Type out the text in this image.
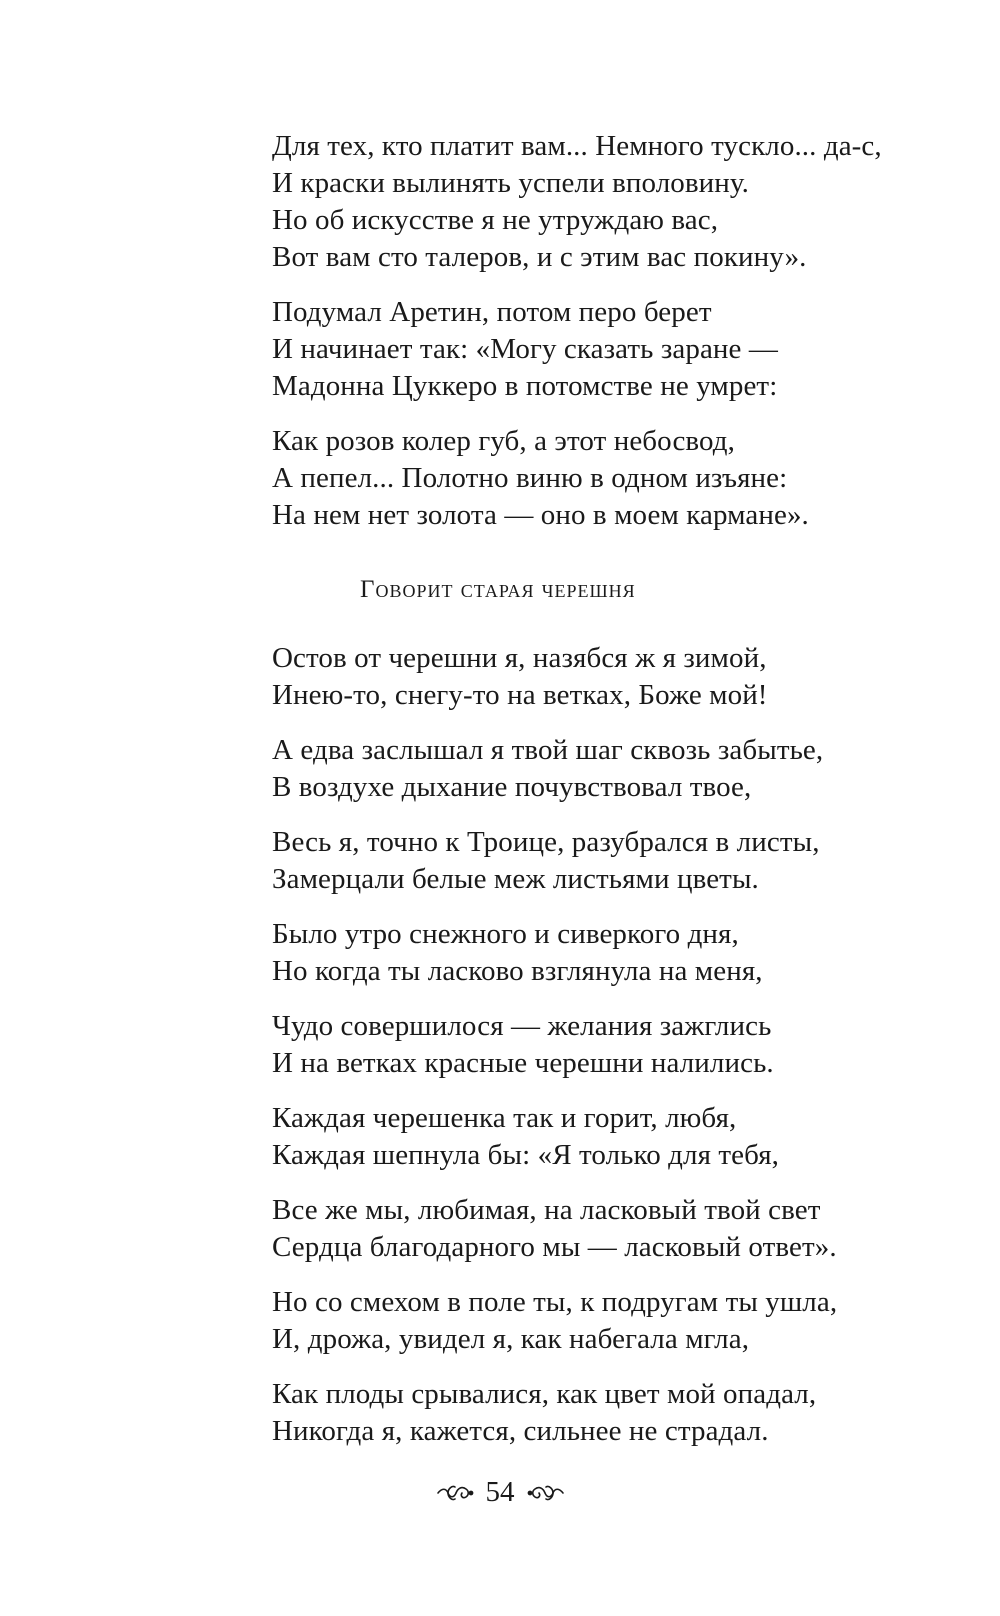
Для тех, кто платит вам... Немного тускло... да-с,
И краски вылинять успели вполовину.
Но об искусстве я не утруждаю вас,
Вот вам сто талеров, и с этим вас покину».
Подумал Аретин, потом перо берет
И начинает так: «Могу сказать заране —
Мадонна Цуккеро в потомстве не умрет:
Как розов колер губ, а этот небосвод,
А пепел... Полотно виню в одном изъяне:
На нем нет золота — оно в моем кармане».
Говорит старая черешня
Остов от черешни я, назябся ж я зимой,
Инею-то, снегу-то на ветках, Боже мой!
А едва заслышал я твой шаг сквозь забытье,
В воздухе дыхание почувствовал твое,
Весь я, точно к Троице, разубрался в листы,
Замерцали белые меж листьями цветы.
Было утро снежного и сиверкого дня,
Но когда ты ласково взглянула на меня,
Чудо совершилося — желания зажглись
И на ветках красные черешни налились.
Каждая черешенка так и горит, любя,
Каждая шепнула бы: «Я только для тебя,
Все же мы, любимая, на ласковый твой свет
Сердца благодарного мы — ласковый ответ».
Но со смехом в поле ты, к подругам ты ушла,
И, дрожа, увидел я, как набегала мгла,
Как плоды срывалися, как цвет мой опадал,
Никогда я, кажется, сильнее не страдал.
54
